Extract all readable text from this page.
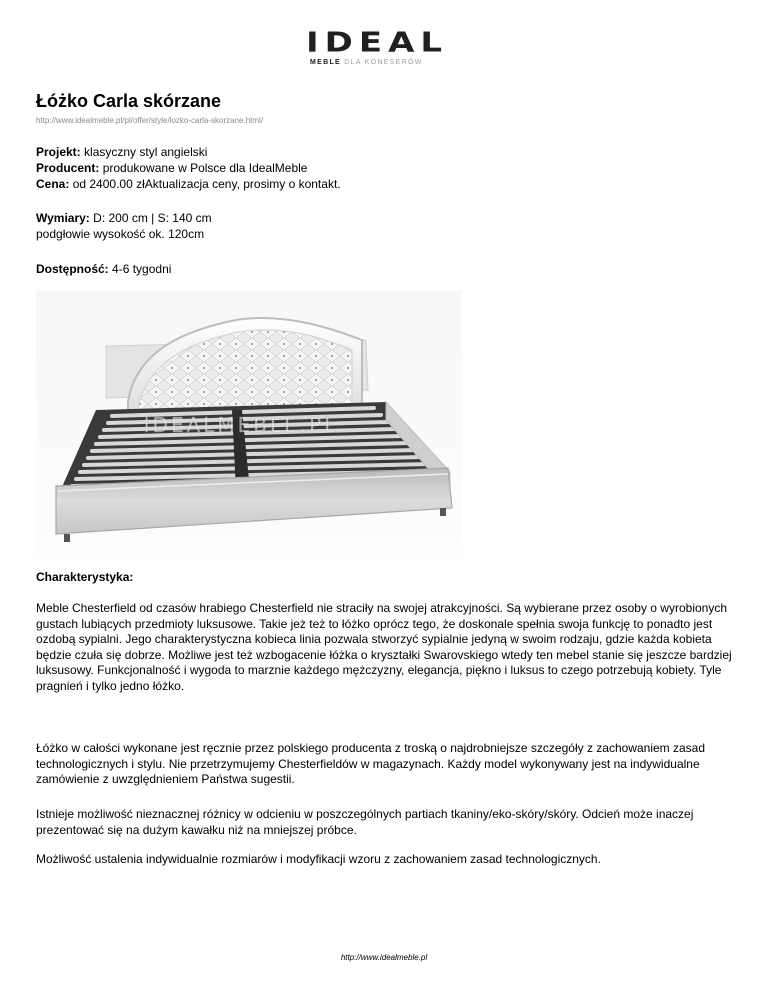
IDEAL
MEBLE DLA KONESERÓW
Łóżko Carla skórzane
http://www.idealmeble.pl/pl/offer/style/lozko-carla-skorzane.html/
Projekt: klasyczny styl angielski
Producent: produkowane w Polsce dla IdealMeble
Cena: od 2400.00 złAktualizacja ceny, prosimy o kontakt.
Wymiary: D: 200 cm | S: 140 cm
podgłowie wysokość ok. 120cm
Dostępność: 4-6 tygodni
IDEALMEBLE.PL
Charakterystyka:

Meble Chesterfield od czasów hrabiego Chesterfield nie straciły na swojej atrakcyjności. Są wybierane przez osoby o wyrobionych gustach lubiących przedmioty luksusowe. Takie jeż też to łóżko oprócz tego, że doskonale spełnia swoja funkcję to ponadto jest ozdobą sypialni. Jego charakterystyczna kobieca linia pozwala stworzyć sypialnie jedyną w swoim rodzaju, gdzie każda kobieta będzie czuła się dobrze. Możliwe jest też wzbogacenie łóżka o kryształki Swarovskiego wtedy ten mebel stanie się jeszcze bardziej luksusowy. Funkcjonalność i wygoda to marznie każdego mężczyzny, elegancja, piękno i luksus to czego potrzebują kobiety. Tyle pragnień i tylko jedno łóżko.

Łóżko w całości wykonane jest ręcznie przez polskiego producenta z troską o najdrobniejsze szczegóły z zachowaniem zasad technologicznych i stylu. Nie przetrzymujemy Chesterfieldów w magazynach. Każdy model wykonywany jest na indywidualne zamówienie z uwzględnieniem Państwa sugestii.

Istnieje możliwość nieznacznej różnicy w odcieniu w poszczególnych partiach tkaniny/eko-skóry/skóry. Odcień może inaczej prezentować się na dużym kawałku niż na mniejszej próbce.

Możliwość ustalenia indywidualnie rozmiarów i modyfikacji wzoru z zachowaniem zasad technologicznych.

http://www.idealmeble.pl
